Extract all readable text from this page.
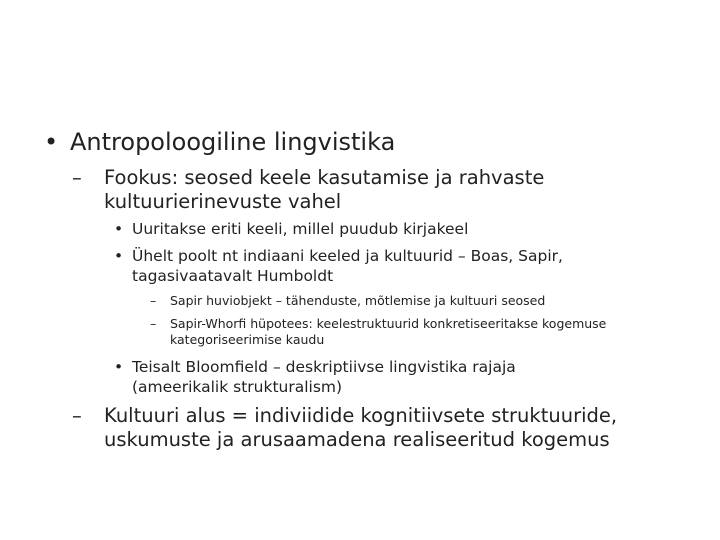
• Antropoloogiline lingvistika
–	Fookus: seosed keele kasutamise ja rahvaste kultuurierinevuste vahel
• Uuritakse eriti keeli, millel puudub kirjakeel
• Ühelt poolt nt indiaani keeled ja kultuurid – Boas, Sapir, tagasivaatavalt Humboldt
–	Sapir huviobjekt – tähenduste, mõtlemise ja kultuuri seosed
–	Sapir-Whorfi hüpotees: keelestruktuurid konkretiseeritakse kogemuse kategoriseerimise kaudu
• Teisalt Bloomfield – deskriptiivse lingvistika rajaja (ameerikalik strukturalism)
–	Kultuuri alus = indiviidide kognitiivsete struktuuride, uskumuste ja arusaamadena realiseeritud kogemus
